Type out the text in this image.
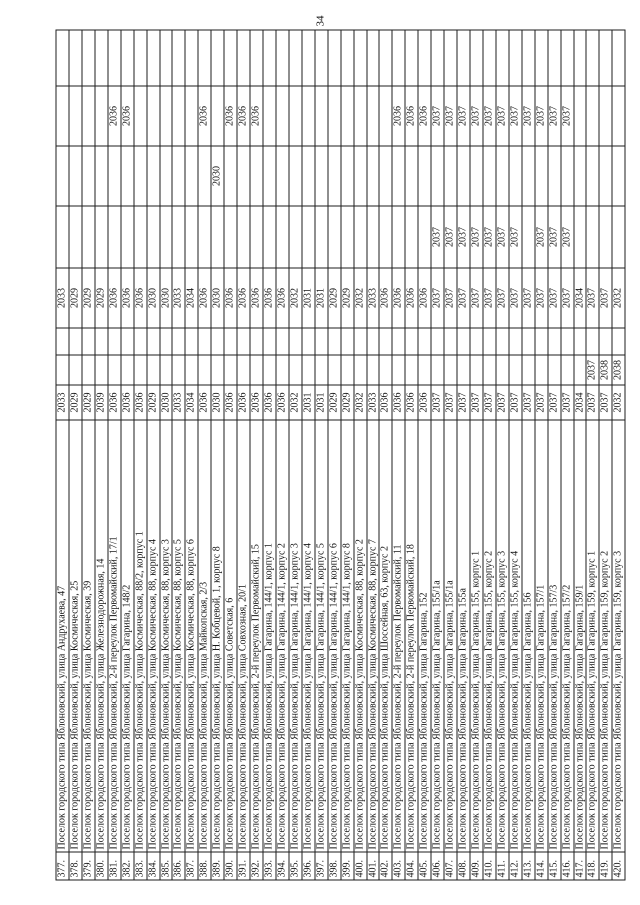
377.
Поселок городского типа Яблоновский, улица Андрухаева, 47
2033
2033
378.
Поселок городского типа Яблоновский, улица Космическая, 25
2029
2029
379.
Поселок городского типа Яблоновский, улица Космическая, 39
2029
2029
380.
Поселок городского типа Яблоновский, улица Железнодорожная, 14
2039
2029
381.
Поселок городского типа Яблоновский, 2-й переулок Первомайский, 17/1
2036
2036
2036
382.
Поселок городского типа Яблоновский, улица Гагарина, 148/2
2036
2036
2036
383.
Поселок городского типа Яблоновский, улица Космическая, 88/2, корпус 1
2036
2036
384.
Поселок городского типа Яблоновский, улица Космическая, 88, корпус 4
2029
2030
385.
Поселок городского типа Яблоновский, улица Космическая, 88, корпус 3
2030
2030
386.
Поселок городского типа Яблоновский, улица Космическая, 88, корпус 5
2033
2033
387.
Поселок городского типа Яблоновский, улица Космическая, 88, корпус 6
2034
2034
388.
Поселок городского типа Яблоновский, улица Майкопская, 2/3
2036
2036
2036
389.
Поселок городского типа Яблоновский, улица Н. Кобцевой, 1, корпус 8
2030
2030
2030
390.
Поселок городского типа Яблоновский, улица Советская, 6
2036
2036
2036
391.
Поселок городского типа Яблоновский, улица Совхозная, 20/1
2036
2036
2036
392.
Поселок городского типа Яблоновский, 2-й переулок Первомайский, 15
2036
2036
2036
393.
Поселок городского типа Яблоновский, улица Гагарина, 144/1, корпус 1
2036
2036
394.
Поселок городского типа Яблоновский, улица Гагарина, 144/1, корпус 2
2036
2036
395.
Поселок городского типа Яблоновский, улица Гагарина, 144/1, корпус 3
2032
2032
396.
Поселок городского типа Яблоновский, улица Гагарина, 144/1, корпус 4
2031
2031
397.
Поселок городского типа Яблоновский, улица Гагарина, 144/1, корпус 5
2031
2031
398.
Поселок городского типа Яблоновский, улица Гагарина, 144/1, корпус 6
2029
2029
399.
Поселок городского типа Яблоновский, улица Гагарина, 144/1, корпус 8
2029
2029
400.
Поселок городского типа Яблоновский, улица Космическая, 88, корпус 2
2032
2032
401.
Поселок городского типа Яблоновский, улица Космическая, 88, корпус 7
2033
2033
402.
Поселок городского типа Яблоновский, улица Шоссейная, 63, корпус 2
2036
2036
403.
Поселок городского типа Яблоновский, 2-й переулок Первомайский, 11
2036
2036
2036
404.
Поселок городского типа Яблоновский, 2-й переулок Первомайский, 18
2036
2036
2036
405.
Поселок городского типа Яблоновский, улица Гагарина, 152
2036
2036
2036
406.
Поселок городского типа Яблоновский, улица Гагарина, 155/1а
2037
2037
2037
2037
407.
Поселок городского типа Яблоновский, улица Гагарина, 155/1а
2037
2037
2037
2037
408.
Поселок городского типа Яблоновский, улица Гагарина, 155а
2037
2037
2037
2037
409.
Поселок городского типа Яблоновский, улица Гагарина, 155, корпус 1
2037
2037
2037
2037
410.
Поселок городского типа Яблоновский, улица Гагарина, 155, корпус 2
2037
2037
2037
2037
411.
Поселок городского типа Яблоновский, улица Гагарина, 155, корпус 3
2037
2037
2037
2037
412.
Поселок городского типа Яблоновский, улица Гагарина, 155, корпус 4
2037
2037
2037
2037
413.
Поселок городского типа Яблоновский, улица Гагарина, 156
2037
2037
2037
414.
Поселок городского типа Яблоновский, улица Гагарина, 157/1
2037
2037
2037
2037
415.
Поселок городского типа Яблоновский, улица Гагарина, 157/3
2037
2037
2037
2037
416.
Поселок городского типа Яблоновский, улица Гагарина, 157/2
2037
2037
2037
2037
417.
Поселок городского типа Яблоновский, улица Гагарина, 159/1
2034
2034
418.
Поселок городского типа Яблоновский, улица Гагарина, 159, корпус 1
2037
2037
2037
419.
Поселок городского типа Яблоновский, улица Гагарина, 159, корпус 2
2037
2038
2037
420.
Поселок городского типа Яблоновский, улица Гагарина, 159, корпус 3
2032
2038
2032
34
